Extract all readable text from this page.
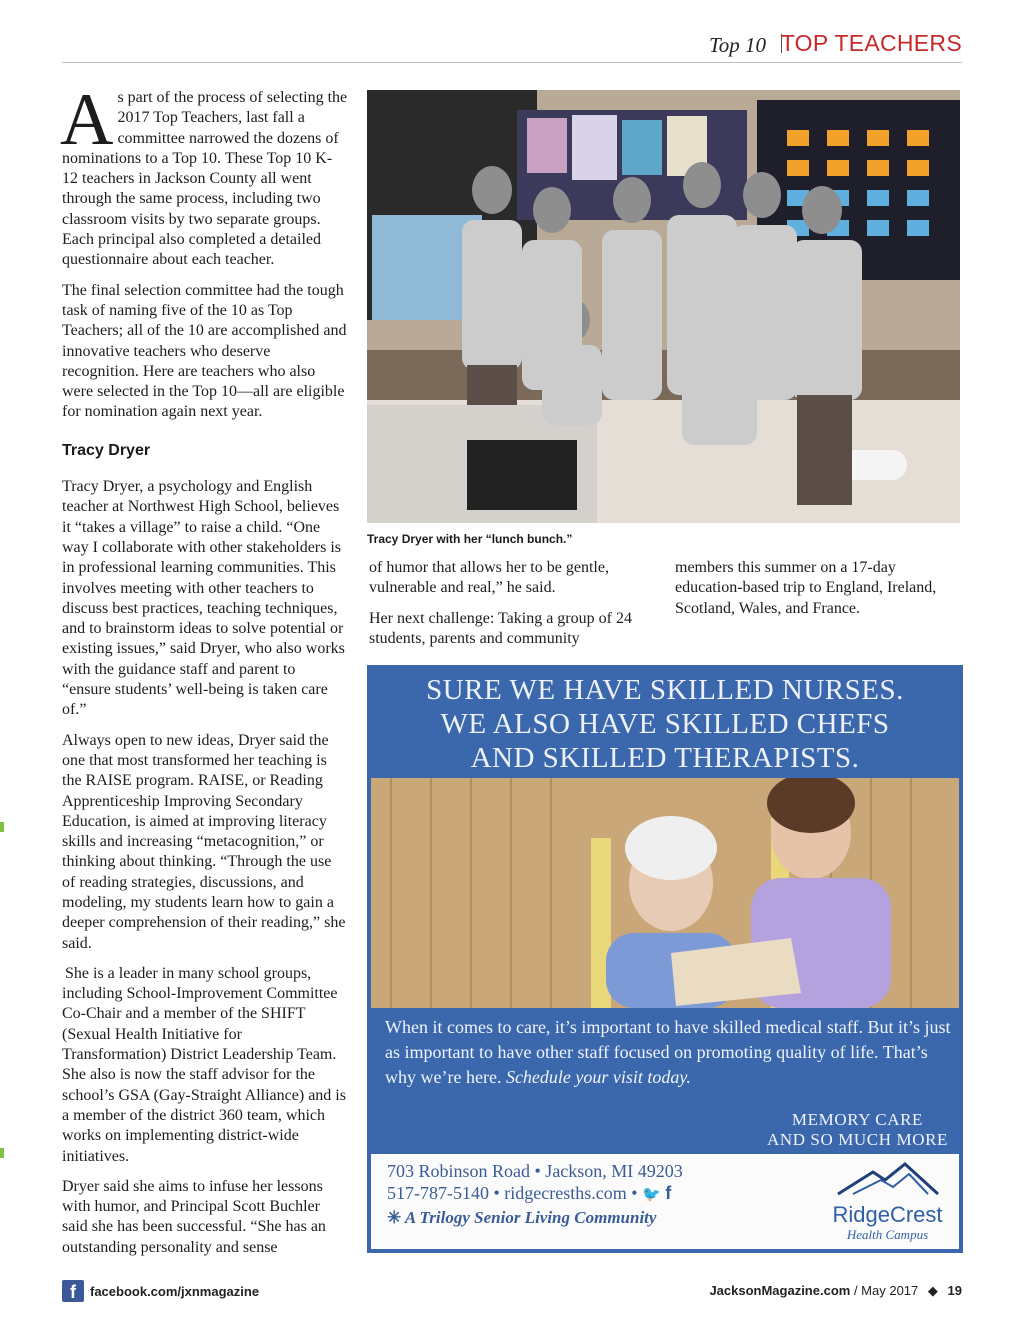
Top 10 TOP TEACHERS

As part of the process of selecting the 2017 Top Teachers, last fall a committee narrowed the dozens of nominations to a Top 10. These Top 10 K-12 teachers in Jackson County all went through the same process, including two classroom visits by two separate groups. Each principal also completed a detailed questionnaire about each teacher.

The final selection committee had the tough task of naming five of the 10 as Top Teachers; all of the 10 are accomplished and innovative teachers who deserve recognition. Here are teachers who also were selected in the Top 10—all are eligible for nomination again next year.

Tracy Dryer

Tracy Dryer, a psychology and English teacher at Northwest High School, believes it “takes a village” to raise a child. “One way I collaborate with other stakeholders is in professional learning communities. This involves meeting with other teachers to discuss best practices, teaching techniques, and to brainstorm ideas to solve potential or existing issues,” said Dryer, who also works with the guidance staff and parent to “ensure students’ well-being is taken care of.”

Always open to new ideas, Dryer said the one that most transformed her teaching is the RAISE program. RAISE, or Reading Apprenticeship Improving Secondary Education, is aimed at improving literacy skills and increasing “metacognition,” or thinking about thinking. “Through the use of reading strategies, discussions, and modeling, my students learn how to gain a deeper comprehension of their reading,” she said.

She is a leader in many school groups, including School-Improvement Committee Co-Chair and a member of the SHIFT (Sexual Health Initiative for Transformation) District Leadership Team. She also is now the staff advisor for the school’s GSA (Gay-Straight Alliance) and is a member of the district 360 team, which works on implementing district-wide initiatives.

Dryer said she aims to infuse her lessons with humor, and Principal Scott Buchler said she has been successful. “She has an outstanding personality and sense

Tracy Dryer with her “lunch bunch.”

of humor that allows her to be gentle, vulnerable and real,” he said.

Her next challenge: Taking a group of 24 students, parents and community

members this summer on a 17-day education-based trip to England, Ireland, Scotland, Wales, and France.

SURE WE HAVE SKILLED NURSES.
WE ALSO HAVE SKILLED CHEFS
AND SKILLED THERAPISTS.
When it comes to care, it’s important to have skilled medical staff. But it’s just as important to have other staff focused on promoting quality of life. That’s why we’re here. Schedule your visit today.
MEMORY CARE
AND SO MUCH MORE
703 Robinson Road • Jackson, MI 49203
517-787-5140 • ridgecresths.com • 🐦 f
✳ A Trilogy Senior Living Community	RidgeCrest
Health Campus
f	facebook.com/jxnmagazine	JacksonMagazine.com / May 2017 ◆ 19
